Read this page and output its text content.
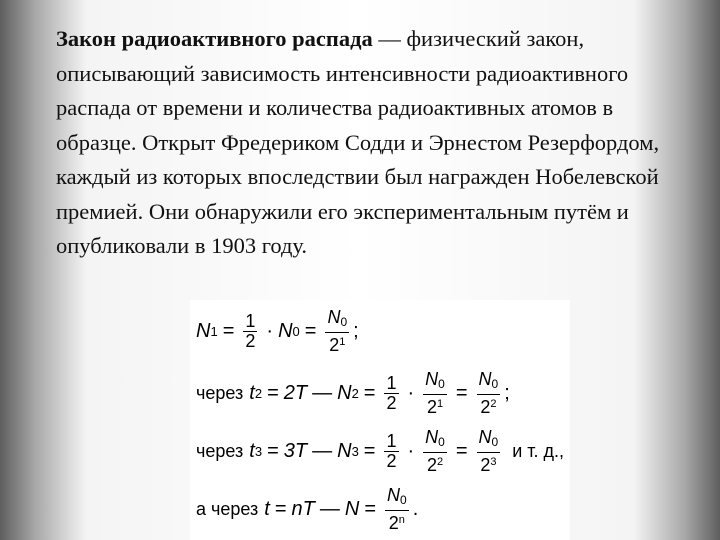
Закон радиоактивного распада — физический закон, описывающий зависимость интенсивности радиоактивного распада от времени и количества радиоактивных атомов в образце. Открыт Фредериком Содди и Эрнестом Резерфордом, каждый из которых впоследствии был награжден Нобелевской премией. Они обнаружили его экспериментальным путём и опубликовали в 1903 году.

N $1 = \frac{1}{2} \cdot N$ $0 = \frac{N_0}{2^1}$ ;
через t 2 = 2T — N $2 = \frac{1}{2} \cdot \frac{N_0}{2^1} = \frac{N_0}{2^2}$ ;
через t 3 = 3T — N $3 = \frac{1}{2} \cdot \frac{N_0}{2^2} = \frac{N_0}{2^3}$ и т. д.,
а через t = nT — $N = \frac{N_0}{2^n}$ .
